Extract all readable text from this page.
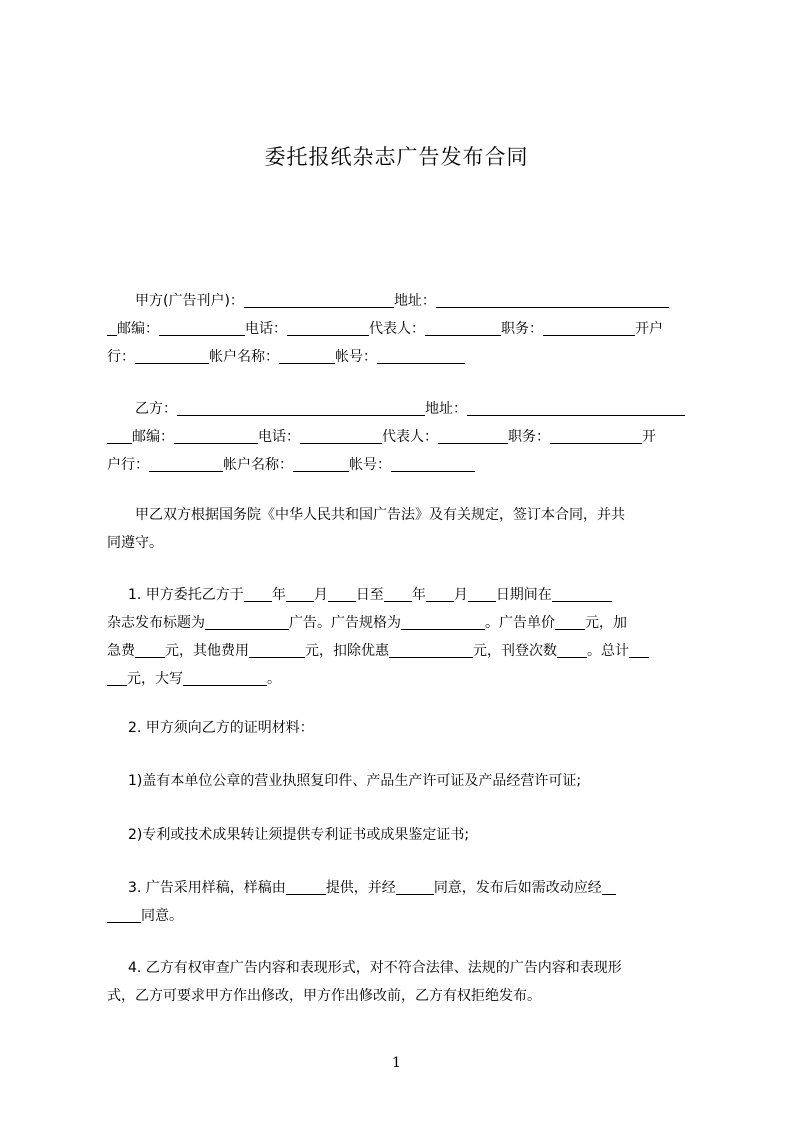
委托报纸杂志广告发布合同
  甲方(广告刊户)：	地址：
邮编：	电话：	代表人：	职务：	开户
行：	帐户名称：	帐号：
  乙方：	地址：
邮编：	电话：	代表人：	职务：	开
户行：	帐户名称：	帐号：
  甲乙双方根据国务院《中华人民共和国广告法》及有关规定，签订本合同，并共
同遵守。
  1. 甲方委托乙方于 年 月 日至 年 月 日期间在
杂志发布标题为	广告。广告规格为	。广告单价 元，加
急费 元，其他费用	元，扣除优惠	元，刊登次数 。总计
元，大写	。
  2. 甲方须向乙方的证明材料：
  1)盖有本单位公章的营业执照复印件、产品生产许可证及产品经营许可证;
  2)专利或技术成果转让须提供专利证书或成果鉴定证书;
  3. 广告采用样稿，样稿由	提供，并经	同意，发布后如需改动应经
同意。
  4. 乙方有权审查广告内容和表现形式，对不符合法律、法规的广告内容和表现形
式，乙方可要求甲方作出修改，甲方作出修改前，乙方有权拒绝发布。
1
